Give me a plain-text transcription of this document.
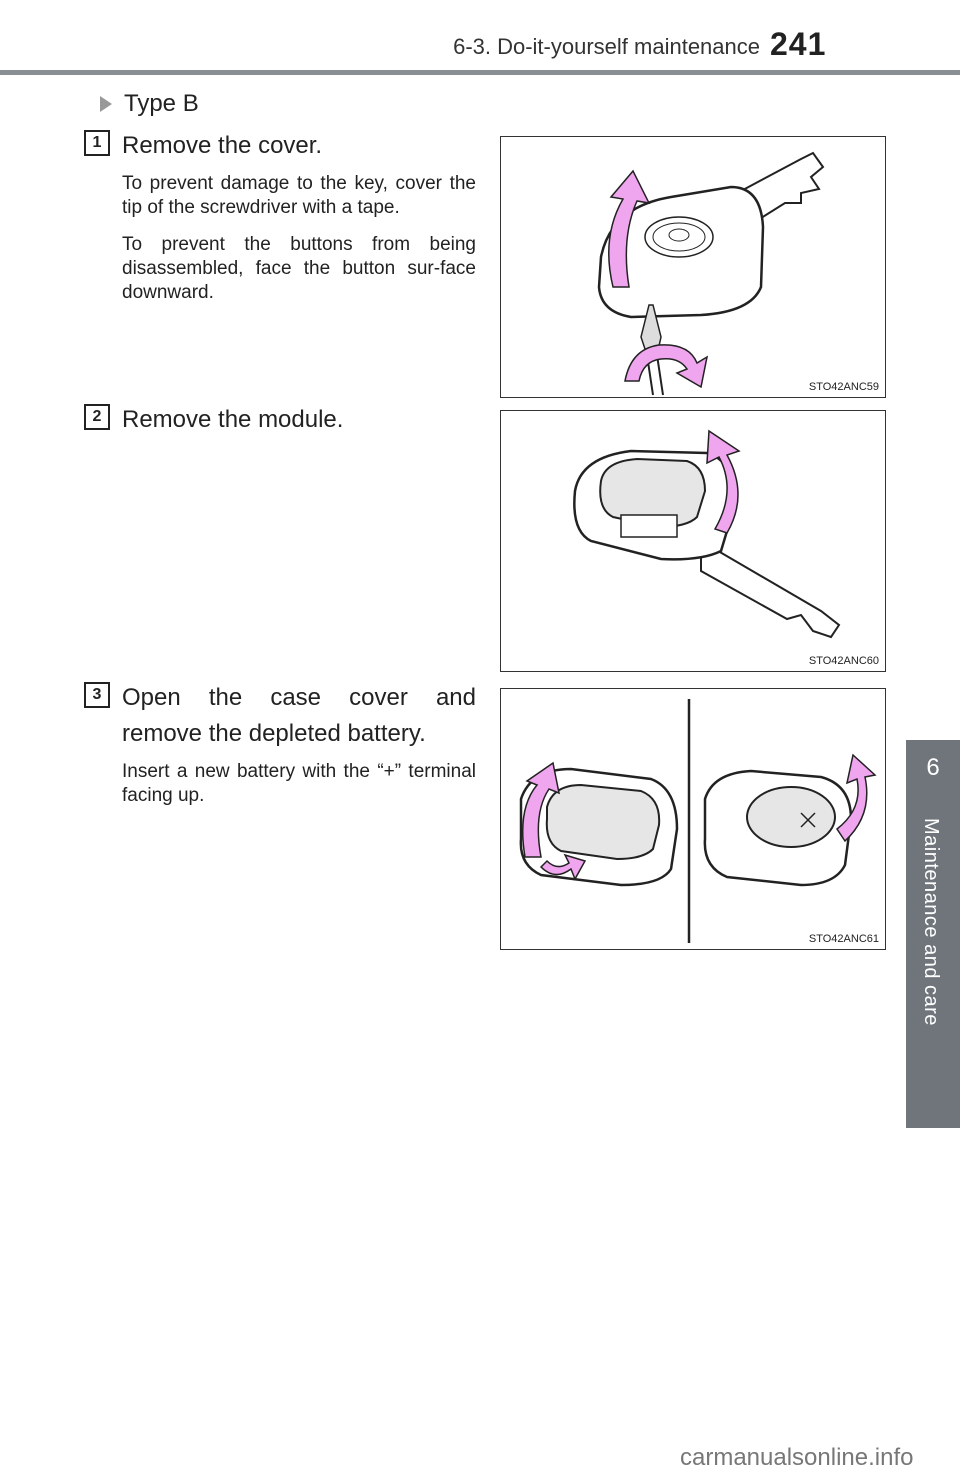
6-3. Do-it-yourself maintenance 241
6
Maintenance and care
Type B
1 Remove the cover.

To prevent damage to the key, cover the tip of the screwdriver with a tape.

To prevent the buttons from being disassembled, face the button sur-face downward.

STO42ANC59
2 Remove the module.
STO42ANC60
3 Open the case cover and remove the depleted battery.

Insert a new battery with the “+” terminal facing up.

STO42ANC61
carmanualsonline.info
